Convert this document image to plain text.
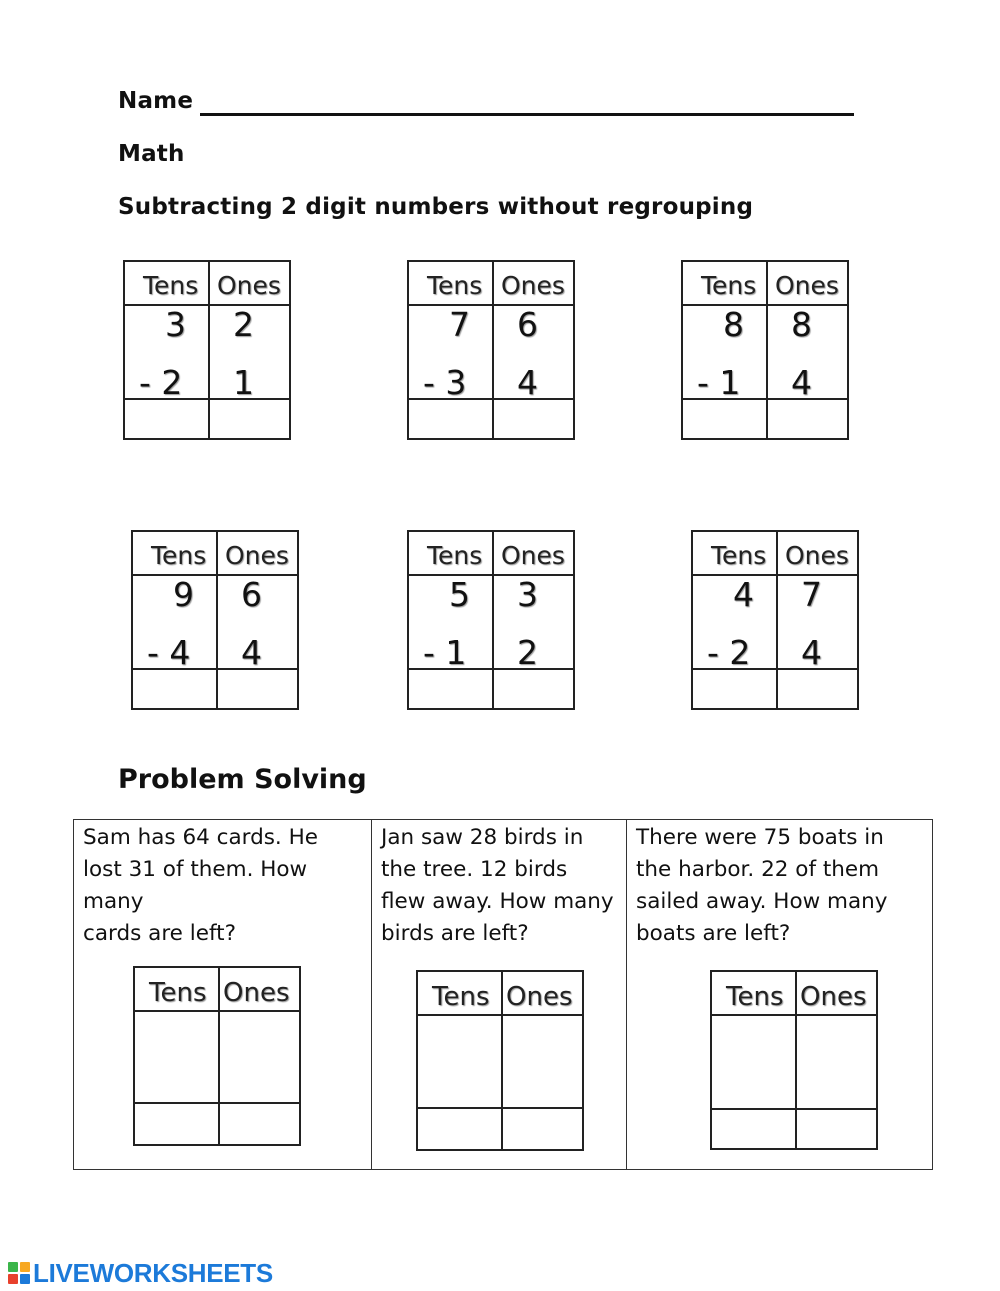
Name
Math
Subtracting 2 digit numbers without regrouping
Tens Ones
3 2
- 2 1
Tens Ones
7 6
- 3 4
Tens Ones
8 8
- 1 4
Tens Ones
9 6
- 4 4
Tens Ones
5 3
- 1 2
Tens Ones
4 7
- 2 4
Problem Solving
Sam has 64 cards. He
lost 31 of them. How many
cards are left?
Tens Ones
Jan saw 28 birds in
the tree. 12 birds
flew away. How many
birds are left?
Tens Ones
There were 75 boats in
the harbor. 22 of them
sailed away. How many
boats are left?
Tens Ones
LIVEWORKSHEETS
